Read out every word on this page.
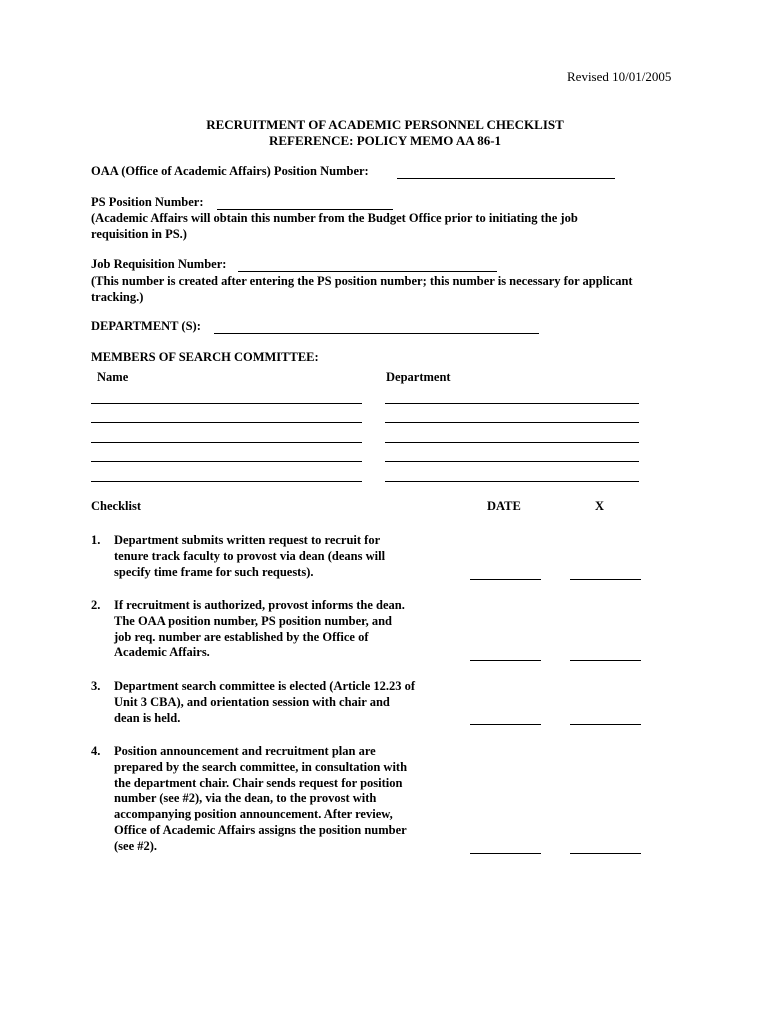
Revised 10/01/2005
RECRUITMENT OF ACADEMIC PERSONNEL CHECKLIST
REFERENCE: POLICY MEMO AA 86-1
OAA (Office of Academic Affairs) Position Number:
PS Position Number:
(Academic Affairs will obtain this number from the Budget Office prior to initiating the job
requisition in PS.)
Job Requisition Number:
(This number is created after entering the PS position number; this number is necessary for applicant
tracking.)
DEPARTMENT (S):
MEMBERS OF SEARCH COMMITTEE:
Name	Department
Checklist	DATE	X
1. Department submits written request to recruit for
tenure track faculty to provost via dean (deans will
specify time frame for such requests).
2. If recruitment is authorized, provost informs the dean.
The OAA position number, PS position number, and
job req. number are established by the Office of
Academic Affairs.
3. Department search committee is elected (Article 12.23 of
Unit 3 CBA), and orientation session with chair and
dean is held.
4. Position announcement and recruitment plan are
prepared by the search committee, in consultation with
the department chair. Chair sends request for position
number (see #2), via the dean, to the provost with
accompanying position announcement. After review,
Office of Academic Affairs assigns the position number
(see #2).
